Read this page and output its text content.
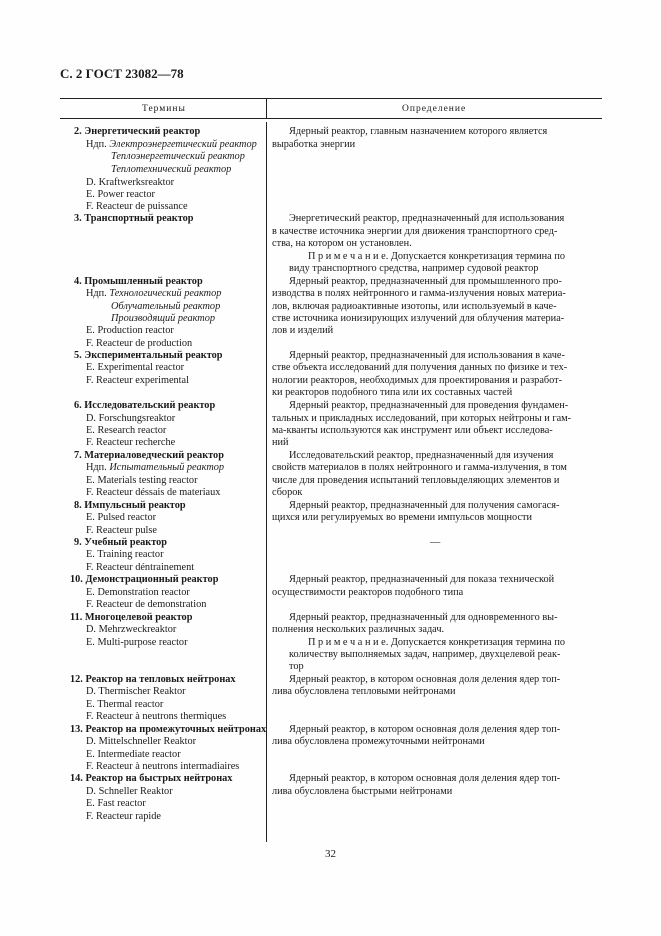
С. 2 ГОСТ 23082—78
Термины	Определение
2. Энергетический реактор
Ндп. Электроэнергетический реактор
Теплоэнергетический реактор
Теплотехнический реактор
D. Kraftwerksreaktor
E. Power reactor
F. Reacteur de puissance
3. Транспортный реактор
4. Промышленный реактор
Ндп. Технологический реактор
Облучательный реактор
Производящий реактор
E. Production reactor
F. Reacteur de production
5. Экспериментальный реактор
E. Experimental reactor
F. Reacteur experimental
6. Исследовательский реактор
D. Forschungsreaktor
E. Research reactor
F. Reacteur recherche
7. Материаловедческий реактор
Ндп. Испытательный реактор
E. Materials testing reactor
F. Reacteur déssais de materiaux
8. Импульсный реактор
E. Pulsed reactor
F. Reacteur pulse
9. Учебный реактор
E. Training reactor
F. Reacteur déntrainement
10. Демонстрационный реактор
E. Demonstration reactor
F. Reacteur de demonstration
11. Многоцелевой реактор
D. Mehrzweckreaktor
E. Multi-purpose reactor
12. Реактор на тепловых нейтронах
D. Thermischer Reaktor
E. Thermal reactor
F. Reacteur à neutrons thermiques
13. Реактор на промежуточных нейтронах
D. Mittelschneller Reaktor
E. Intermediate reactor
F. Reacteur à neutrons intermadiaires
14. Реактор на быстрых нейтронах
D. Schneller Reaktor
E. Fast reactor
F. Reacteur rapide
Ядерный реактор, главным назначением которого является
выработка энергии
Энергетический реактор, предназначенный для использования
в качестве источника энергии для движения транспортного сред-
ства, на котором он установлен.
П р и м е ч а н и е. Допускается конкретизация термина по
виду транспортного средства, например судовой реактор
Ядерный реактор, предназначенный для промышленного про-
изводства в полях нейтронного и гамма-излучения новых материа-
лов, включая радиоактивные изотопы, или используемый в каче-
стве источника ионизирующих излучений для облучения материа-
лов и изделий
Ядерный реактор, предназначенный для использования в каче-
стве объекта исследований для получения данных по физике и тех-
нологии реакторов, необходимых для проектирования и разработ-
ки реакторов подобного типа или их составных частей
Ядерный реактор, предназначенный для проведения фундамен-
тальных и прикладных исследований, при которых нейтроны и гам-
ма-кванты используются как инструмент или объект исследова-
ний
Исследовательский реактор, предназначенный для изучения
свойств материалов в полях нейтронного и гамма-излучения, в том
числе для проведения испытаний тепловыделяющих элементов и
сборок
Ядерный реактор, предназначенный для получения самогася-
щихся или регулируемых во времени импульсов мощности
Ядерный реактор, предназначенный для показа технической
осуществимости реакторов подобного типа
Ядерный реактор, предназначенный для одновременного вы-
полнения нескольких различных задач.
П р и м е ч а н и е. Допускается конкретизация термина по
количеству выполняемых задач, например, двухцелевой реак-
тор
Ядерный реактор, в котором основная доля деления ядер топ-
лива обусловлена тепловыми нейтронами
Ядерный реактор, в котором основная доля деления ядер топ-
лива обусловлена быстрыми нейтронами
Ядерный реактор, в котором основная доля деления ядер топ-
лива обусловлена промежуточными нейтронами
—
32
